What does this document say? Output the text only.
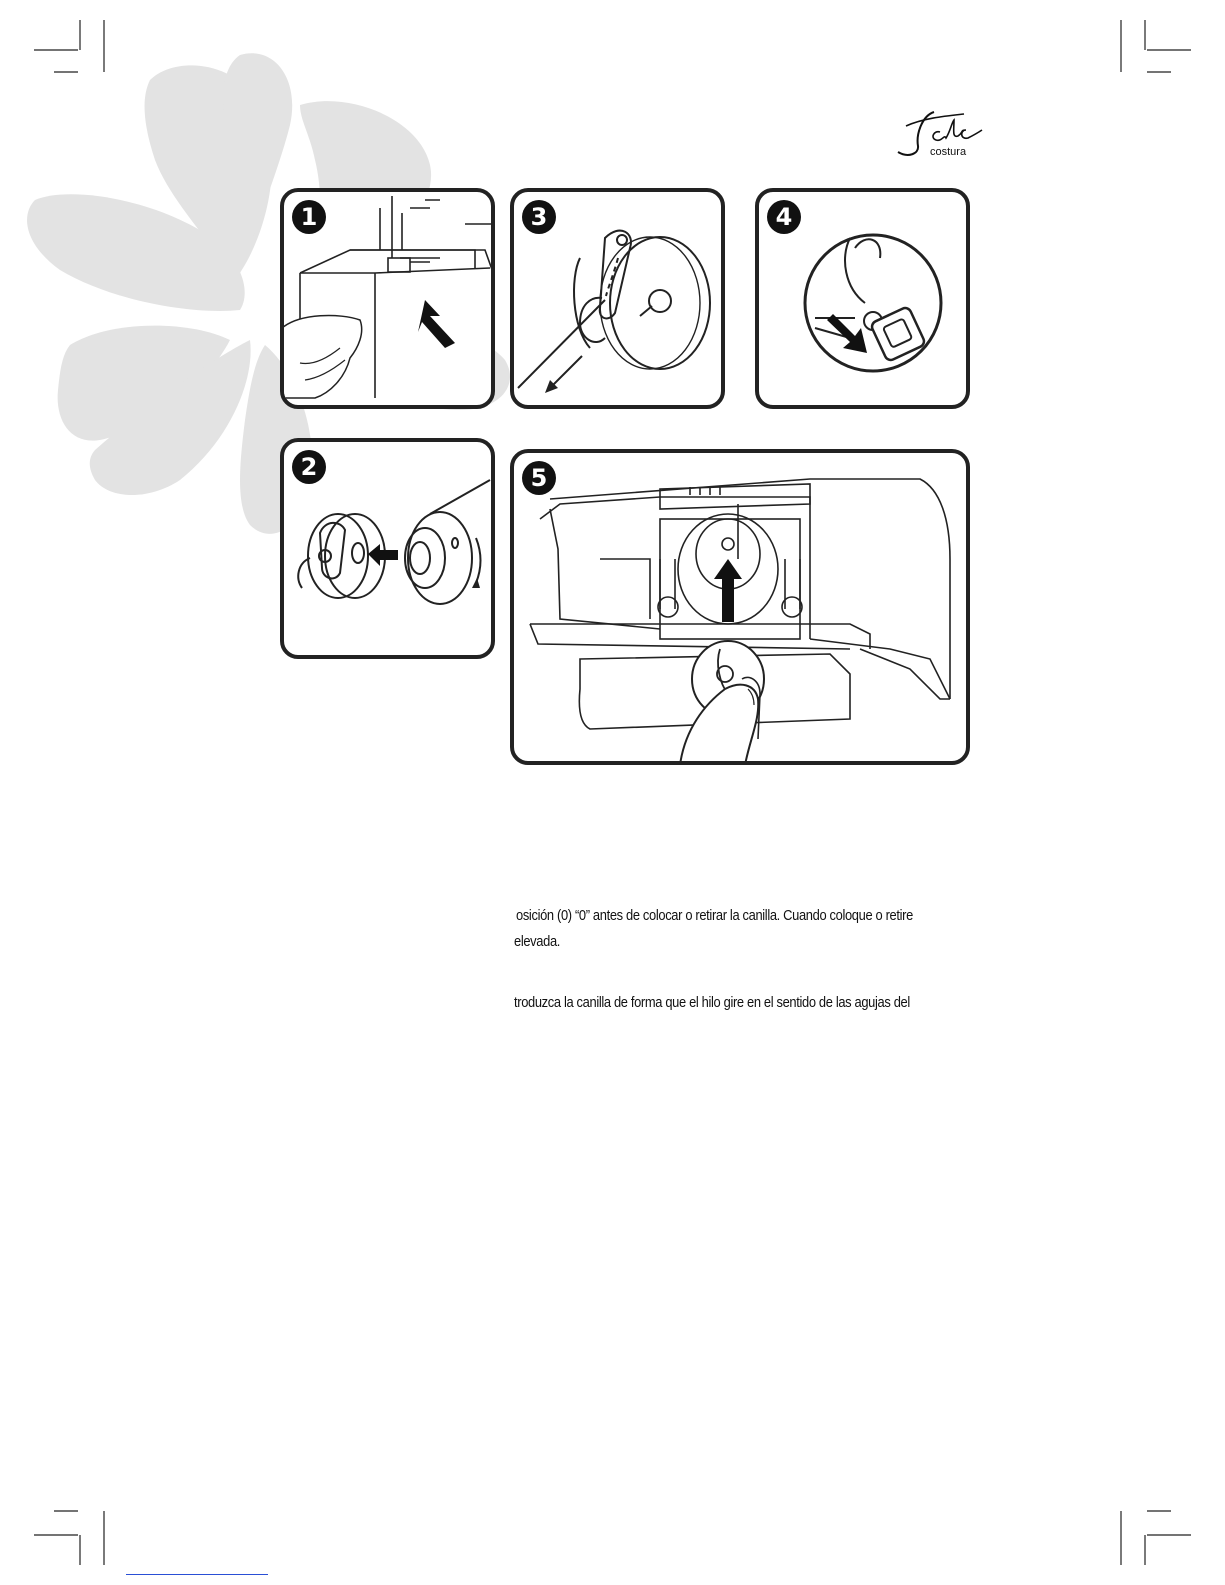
costura
1	3	4
2	5
osición (0) “0” antes de colocar o retirar la canilla. Cuando coloque o retire
elevada.
troduzca la canilla de forma que el hilo gire en el sentido de las agujas del
